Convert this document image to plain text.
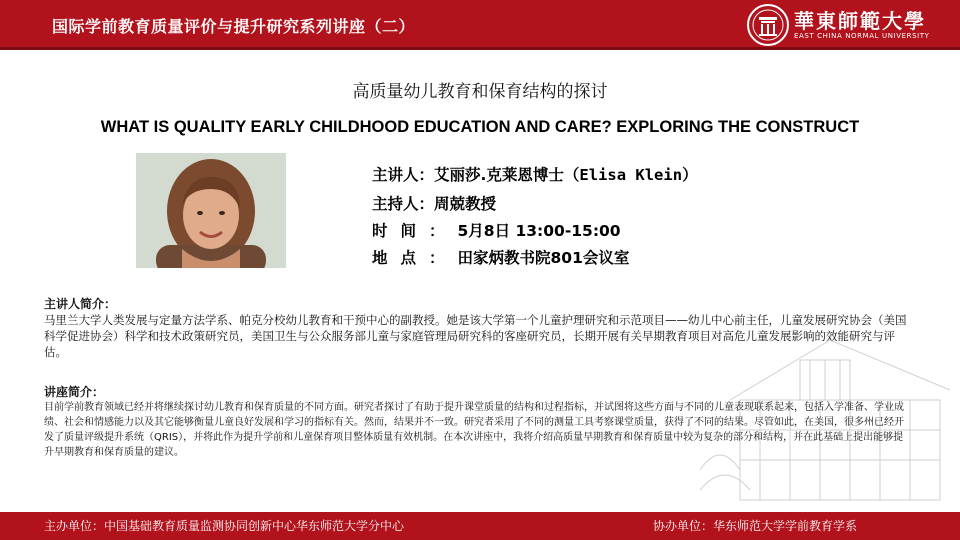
国际学前教育质量评价与提升研究系列讲座（二）	華東師範大學
EAST CHINA NORMAL UNIVERSITY
高质量幼儿教育和保育结构的探讨
WHAT IS QUALITY EARLY CHILDHOOD EDUCATION AND CARE? EXPLORING THE CONSTRUCT
主讲人：艾丽莎.克莱恩博士（Elisa Klein）
主持人：周兢教授
时间：5月8日 13:00-15:00
地点：田家炳教书院801会议室
主讲人简介：
马里兰大学人类发展与定量方法学系、帕克分校幼儿教育和干预中心的副教授。她是该大学第一个儿童护理研究和示范项目——幼儿中心前主任，儿童发展研究协会（美国科学促进协会）科学和技术政策研究员，美国卫生与公众服务部儿童与家庭管理局研究科的客座研究员，长期开展有关早期教育项目对高危儿童发展影响的效能研究与评估。
讲座简介：
目前学前教育领域已经并将继续探讨幼儿教育和保育质量的不同方面。研究者探讨了有助于提升课堂质量的结构和过程指标，并试图将这些方面与不同的儿童表现联系起来，包括入学准备、学业成绩、社会和情感能力以及其它能够衡量儿童良好发展和学习的指标有关。然而，结果并不一致。研究者采用了不同的测量工具考察课堂质量，获得了不同的结果。尽管如此，在美国，很多州已经开发了质量评级提升系统（QRIS），并将此作为提升学前和儿童保育项目整体质量有效机制。在本次讲座中，我将介绍高质量早期教育和保育质量中较为复杂的部分和结构，并在此基础上提出能够提升早期教育和保育质量的建议。
主办单位：中国基础教育质量监测协同创新中心华东师范大学分中心	协办单位：华东师范大学学前教育学系
